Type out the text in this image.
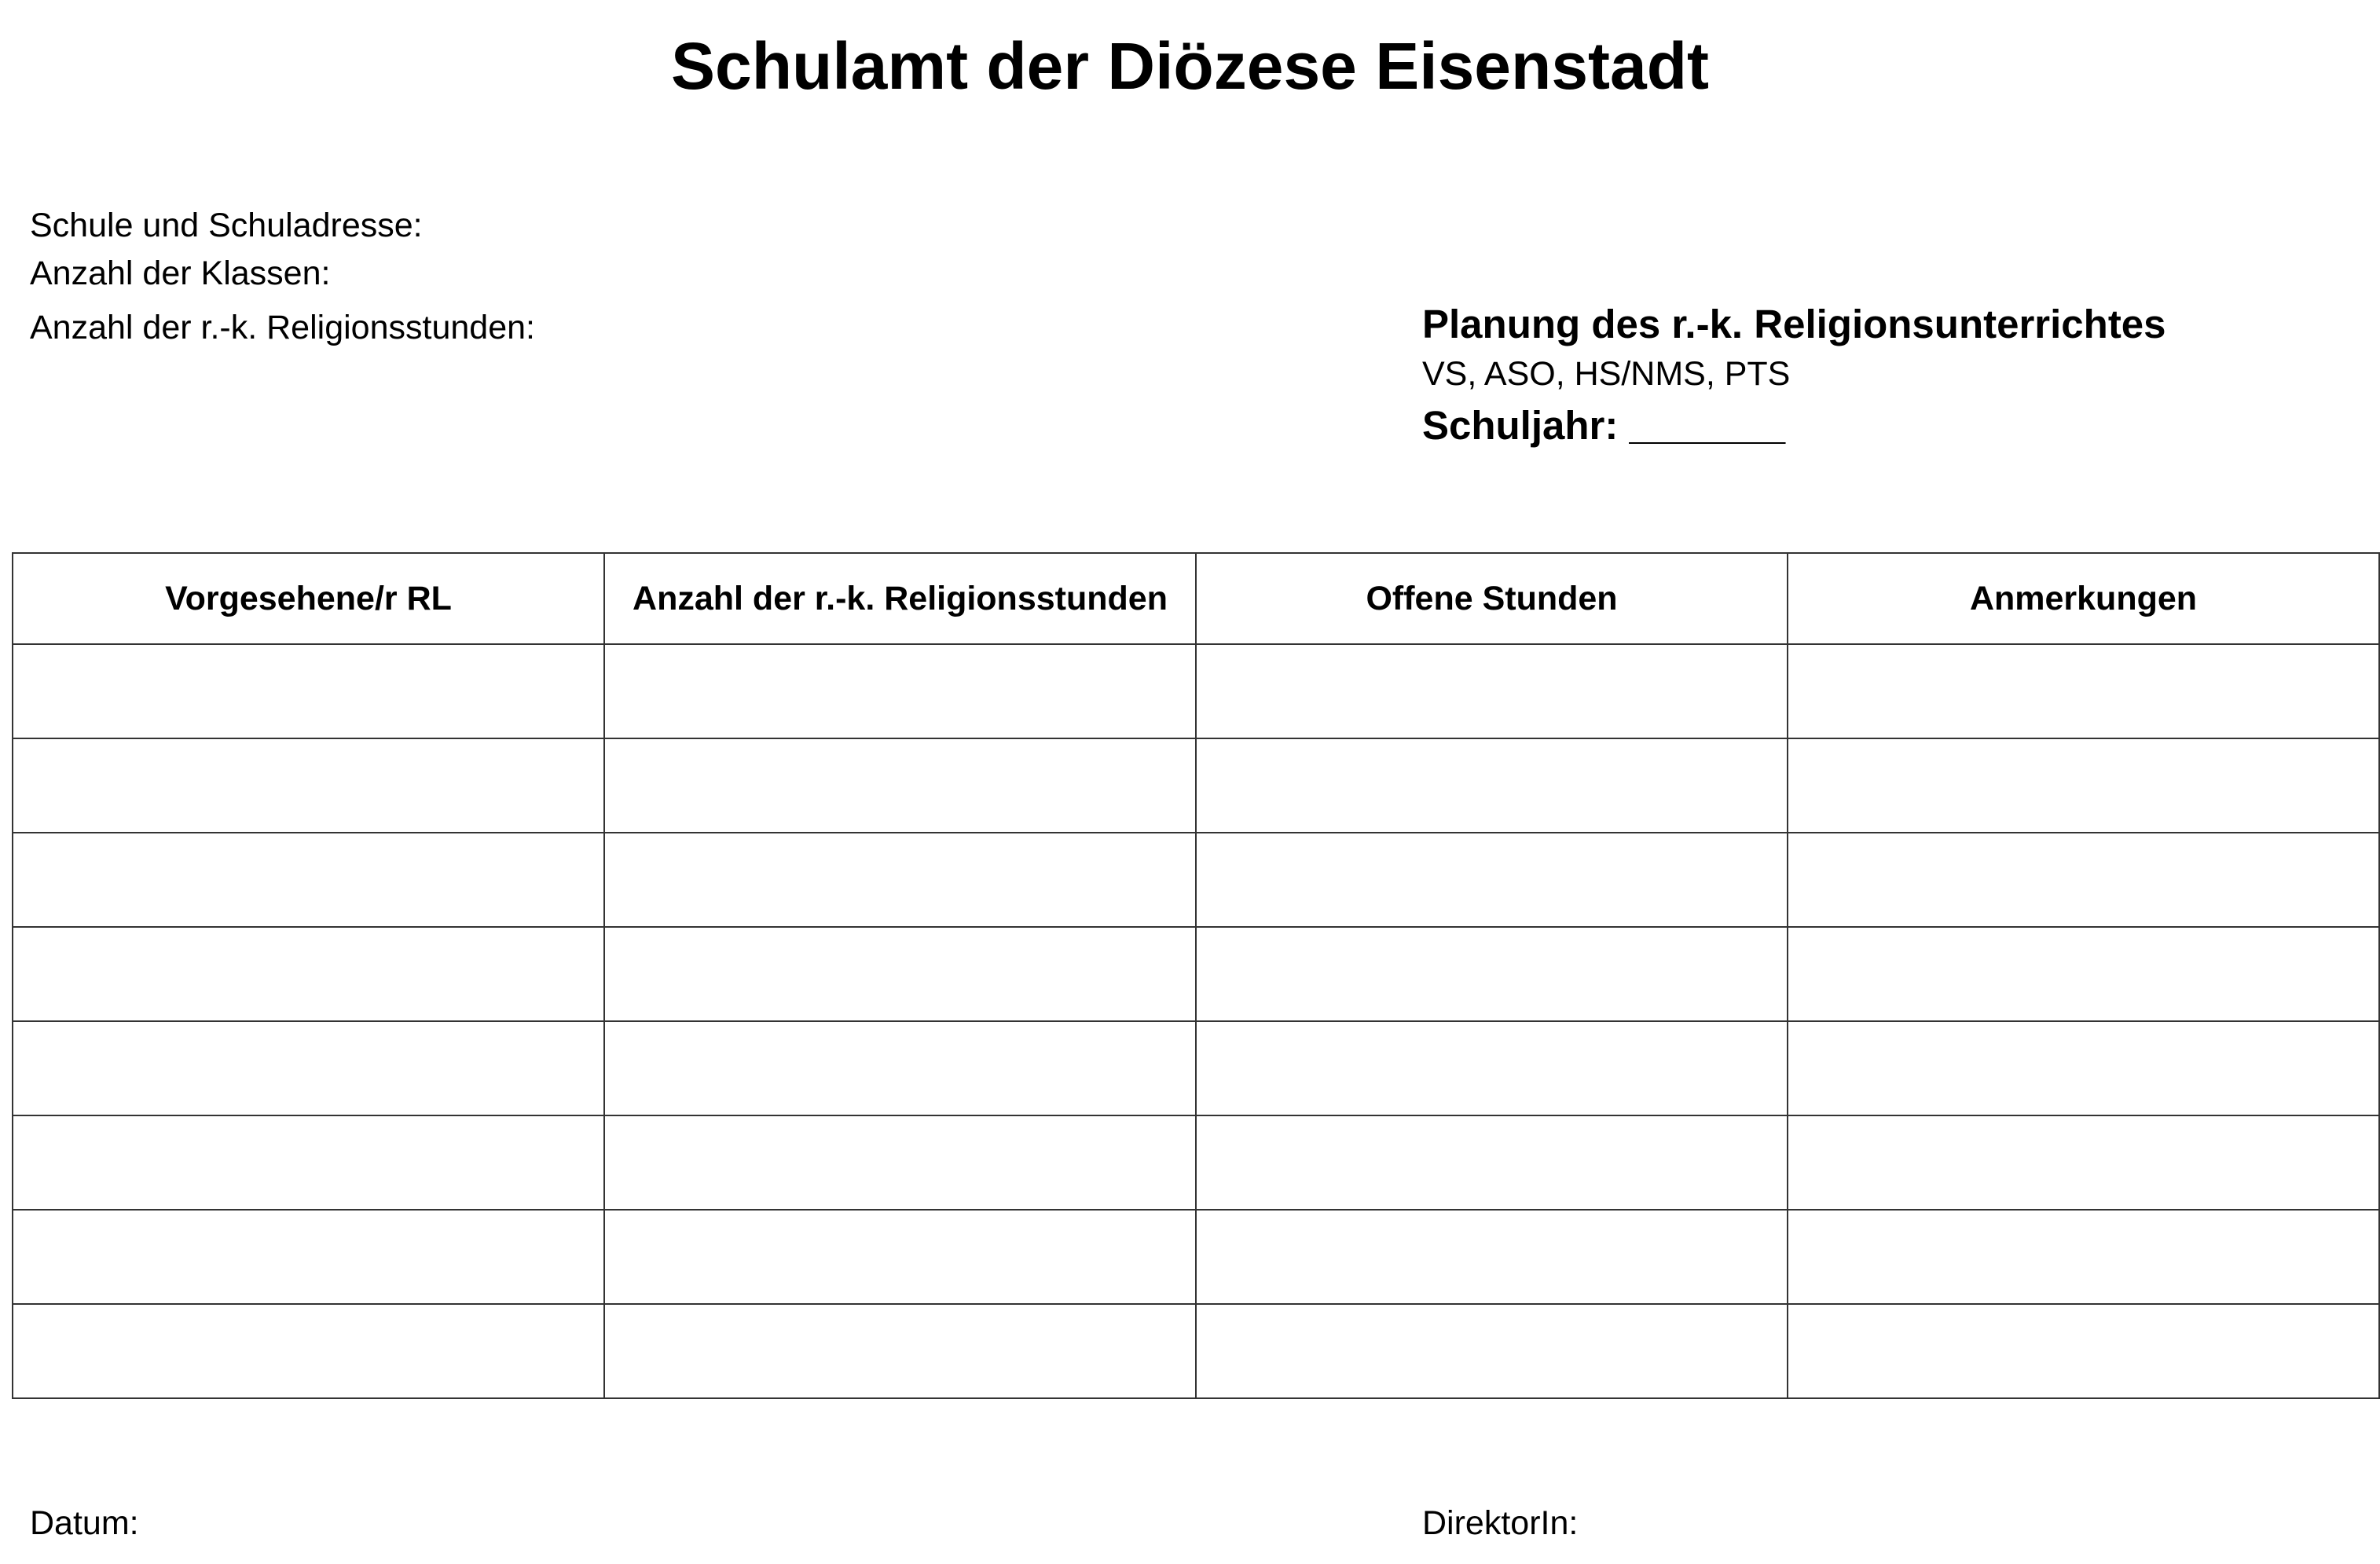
Schulamt der Diözese Eisenstadt
Schule und Schuladresse:
Anzahl der Klassen:
Anzahl der r.-k. Religionsstunden:	Planung des r.-k. Religionsunterrichtes
VS, ASO, HS/NMS, PTS
Schuljahr: _______
Vorgesehene/r RL	Anzahl der r.-k. Religionsstunden	Offene Stunden	Anmerkungen

Datum:	DirektorIn:
